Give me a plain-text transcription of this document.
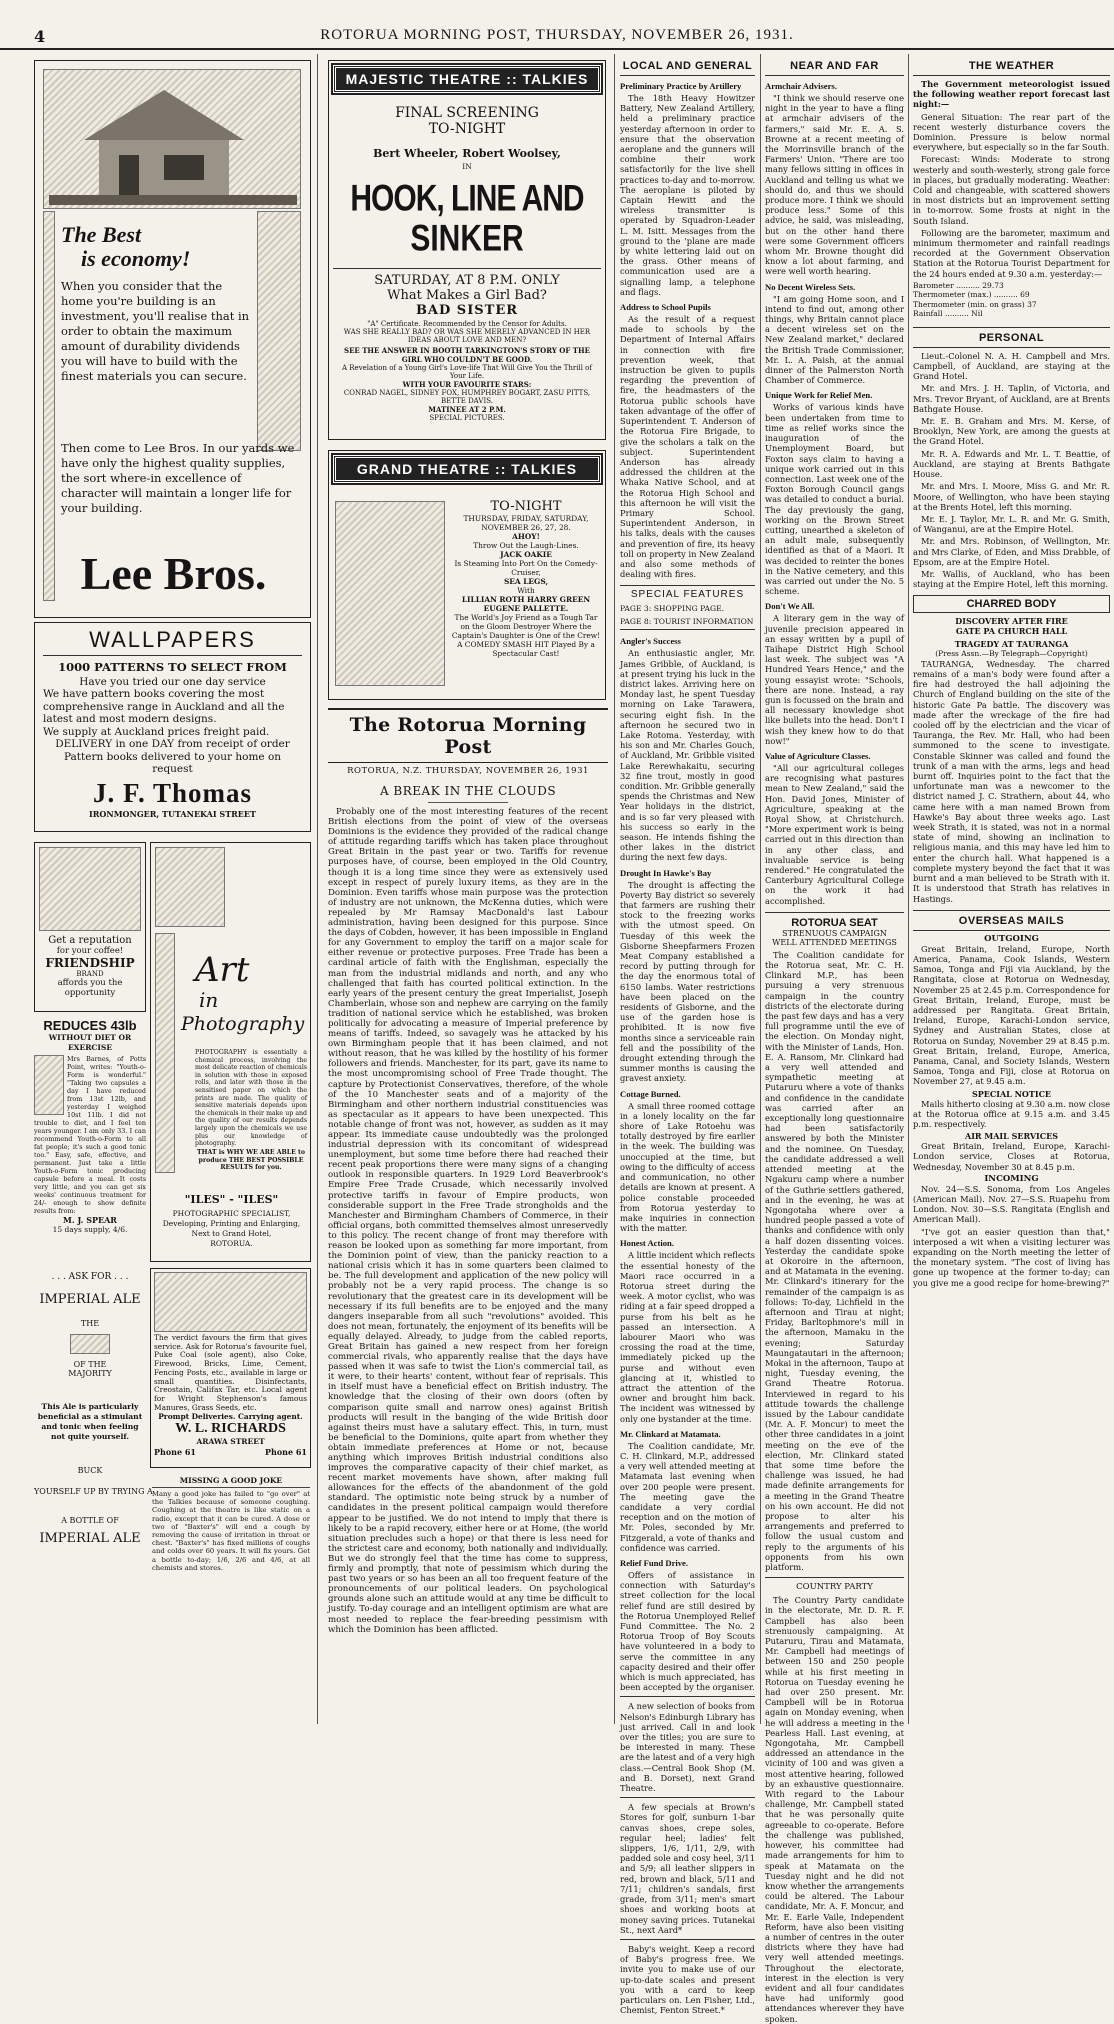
4	ROTORUA MORNING POST, THURSDAY, NOVEMBER 26, 1931.
The Best
is economy!
When you consider that the home you're building is an investment, you'll realise that in order to obtain the maximum amount of durability dividends you will have to build with the finest materials you can secure.
Then come to Lee Bros. In our yards we have only the highest quality supplies, the sort where-in excellence of character will maintain a longer life for your building.
Lee Bros.
WALLPAPERS
1000 PATTERNS TO SELECT FROM
Have you tried our one day service
We have pattern books covering the most comprehensive range in Auckland and all the latest and most modern designs.
We supply at Auckland prices freight paid.
DELIVERY in one DAY from receipt of order
Pattern books delivered to your home on request
J. F. Thomas
IRONMONGER, TUTANEKAI STREET
Get a reputation
for your coffee!
FRIENDSHIP
BRAND
affords you the
opportunity
REDUCES 43lb
WITHOUT DIET OR EXERCISE
Mrs Barnes, of Potts Point, writes: "Youth-o-Form is wonderful." "Taking two capsules a day I have reduced from 13st 12lb, and yesterday I weighed 10st 11lb. I did not trouble to diet, and I feel ten years younger. I am only 33. I can recommend Youth-o-Form to all fat people; it's such a good tonic too." Easy, safe, effective, and permanent. Just take a little Youth-o-Form tonic producing capsule before a meal. It costs very little, and you can get six weeks' continuous treatment for 24/- enough to show definite results from:
M. J. SPEAR
15 days supply, 4/6.
. . . ASK FOR . . .
IMPERIAL ALE
THE
OF THE
MAJORITY
This Ale is particularly beneficial as a stimulant and tonic when feeling not quite yourself.
BUCK
YOURSELF UP BY TRYING A
A BOTTLE OF
IMPERIAL ALE
Art
in
Photography
PHOTOGRAPHY is essentially a chemical process, involving the most delicate reaction of chemicals in solution with those in exposed rolls, and later with those in the sensitised paper on which the prints are made. The quality of sensitive materials depends upon the chemicals in their make up and the quality of our results depends largely upon the chemicals we use plus our knowledge of photography.
THAT is WHY WE ARE ABLE to produce THE BEST POSSIBLE RESULTS for you.
"ILES" - "ILES"
PHOTOGRAPHIC SPECIALIST,
Developing, Printing and Enlarging,
Next to Grand Hotel,
ROTORUA.
The verdict favours the firm that gives service. Ask for Rotorua's favourite fuel, Puke Coal (sole agent), also Coke, Firewood, Bricks, Lime, Cement, Fencing Posts, etc., available in large or small quantities. Disinfectants, Creostain, Califax Tar, etc. Local agent for Wright Stephenson's famous Manures, Grass Seeds, etc.
Prompt Deliveries. Carrying agent.
W. L. RICHARDS
ARAWA STREET
Phone 61	Phone 61
MISSING A GOOD JOKE
Many a good joke has failed to "go over" at the Talkies because of someone coughing. Coughing at the theatre is like static on a radio, except that it can be cured. A dose or two of "Baxter's" will end a cough by removing the cause of irritation in throat or chest. "Baxter's" has fixed millions of coughs and colds over 60 years. It will fix yours. Get a bottle to-day; 1/6, 2/6 and 4/6, at all chemists and stores.
MAJESTIC THEATRE :: TALKIES
FINAL SCREENING
TO-NIGHT
Bert Wheeler, Robert Woolsey,
IN
HOOK, LINE AND
SINKER
SATURDAY, AT 8 P.M. ONLY
What Makes a Girl Bad?
BAD SISTER
"A" Certificate. Recommended by the Censor for Adults.
WAS SHE REALLY BAD? OR WAS SHE MERELY ADVANCED IN HER IDEAS ABOUT LOVE AND MEN?
SEE THE ANSWER IN BOOTH TARKINGTON'S STORY OF THE GIRL WHO COULDN'T BE GOOD.
A Revelation of a Young Girl's Love-life That Will Give You the Thrill of Your Life.
WITH YOUR FAVOURITE STARS:
CONRAD NAGEL, SIDNEY FOX, HUMPHREY BOGART, ZASU PITTS, BETTE DAVIS.
MATINEE AT 2 P.M.
SPECIAL PICTURES.
GRAND THEATRE :: TALKIES
TO-NIGHT
THURSDAY, FRIDAY, SATURDAY, NOVEMBER 26, 27, 28.
AHOY!
Throw Out the Laugh-Lines.
JACK OAKIE
Is Steaming Into Port On the Comedy-Cruiser,
SEA LEGS,
With
LILLIAN ROTH HARRY GREEN EUGENE PALLETTE.
The World's Joy Friend as a Tough Tar on the Gloom Destroyer Where the Captain's Daughter is One of the Crew! A COMEDY SMASH HIT Played By a Spectacular Cast!
The Rotorua Morning Post
ROTORUA, N.Z. THURSDAY, NOVEMBER 26, 1931
A BREAK IN THE CLOUDS

Probably one of the most interesting features of the recent British elections from the point of view of the overseas Dominions is the evidence they provided of the radical change of attitude regarding tariffs which has taken place throughout Great Britain in the past year or two. Tariffs for revenue purposes have, of course, been employed in the Old Country, though it is a long time since they were as extensively used except in respect of purely luxury items, as they are in the Dominion. Even tariffs whose main purpose was the protection of industry are not unknown, the McKenna duties, which were repealed by Mr Ramsay MacDonald's last Labour administration, having been designed for this purpose. Since the days of Cobden, however, it has been impossible in England for any Government to employ the tariff on a major scale for either revenue or protective purposes. Free Trade has been a cardinal article of faith with the Englishman, especially the man from the industrial midlands and north, and any who challenged that faith has courted political extinction. In the early years of the present century the great Imperialist, Joseph Chamberlain, whose son and nephew are carrying on the family tradition of national service which he established, was broken politically for advocating a measure of Imperial preference by means of tariffs. Indeed, so savagely was he attacked by his own Birmingham people that it has been claimed, and not without reason, that he was killed by the hostility of his former followers and friends. Manchester, for its part, gave its name to the most uncompromising school of Free Trade thought. The capture by Protectionist Conservatives, therefore, of the whole of the 10 Manchester seats and of a majority of the Birmingham and other northern industrial constituencies was as spectacular as it appears to have been unexpected. This notable change of front was not, however, as sudden as it may appear. Its immediate cause undoubtedly was the prolonged industrial depression with its concomitant of widespread unemployment, but some time before there had reached their recent peak proportions there were many signs of a changing outlook in responsible quarters. In 1929 Lord Beaverbrook's Empire Free Trade Crusade, which necessarily involved protective tariffs in favour of Empire products, won considerable support in the Free Trade strongholds and the Manchester and Birmingham Chambers of Commerce, in their official organs, both committed themselves almost unreservedly to this policy. The recent change of front may therefore with reason be looked upon as something far more important, from the Dominion point of view, than the panicky reaction to a national crisis which it has in some quarters been claimed to be. The full development and application of the new policy will probably not be a very rapid process. The change is so revolutionary that the greatest care in its development will be necessary if its full benefits are to be enjoyed and the many dangers inseparable from all such "revolutions" avoided. This does not mean, fortunately, the enjoyment of its benefits will be equally delayed. Already, to judge from the cabled reports, Great Britain has gained a new respect from her foreign commercial rivals, who apparently realise that the days have passed when it was safe to twist the Lion's commercial tail, as it were, to their hearts' content, without fear of reprisals. This in itself must have a beneficial effect on British industry. The knowledge that the closing of their own doors (often by comparison quite small and narrow ones) against British products will result in the banging of the wide British door against theirs must have a salutary effect. This, in turn, must be beneficial to the Dominions, quite apart from whether they obtain immediate preferences at Home or not, because anything which improves British industrial conditions also improves the comparative capacity of their chief market, as recent market movements have shown, after making full allowances for the effects of the abandonment of the gold standard. The optimistic note being struck by a number of candidates in the present political campaign would therefore appear to be justified. We do not intend to imply that there is likely to be a rapid recovery, either here or at Home, (the world situation precludes such a hope) or that there is less need for the strictest care and economy, both nationally and individually. But we do strongly feel that the time has come to suppress, firmly and promptly, that note of pessimism which during the past two years or so has been an all too frequent feature of the pronouncements of our political leaders. On psychological grounds alone such an attitude would at any time be difficult to justify. To-day courage and an intelligent optimism are what are most needed to replace the fear-breeding pessimism with which the Dominion has been afflicted.

LOCAL AND GENERAL
Preliminary Practice by Artillery

The 18th Heavy Howitzer Battery, New Zealand Artillery, held a preliminary practice yesterday afternoon in order to ensure that the observation aeroplane and the gunners will combine their work satisfactorily for the live shell practices to-day and to-morrow. The aeroplane is piloted by Captain Hewitt and the wireless transmitter is operated by Squadron-Leader L. M. Isitt. Messages from the ground to the 'plane are made by white lettering laid out on the grass. Other means of communication used are a signalling lamp, a telephone and flags.

Address to School Pupils

As the result of a request made to schools by the Department of Internal Affairs in connection with fire prevention week, that instruction be given to pupils regarding the prevention of fire, the headmasters of the Rotorua public schools have taken advantage of the offer of Superintendent T. Anderson of the Rotorua Fire Brigade, to give the scholars a talk on the subject. Superintendent Anderson has already addressed the children at the Whaka Native School, and at the Rotorua High School and this afternoon he will visit the Primary School. Superintendent Anderson, in his talks, deals with the causes and prevention of fire, its heavy toll on property in New Zealand and also some methods of dealing with fires.

SPECIAL FEATURES
PAGE 3: SHOPPING PAGE.
PAGE 8: TOURIST INFORMATION
Angler's Success

An enthusiastic angler, Mr. James Gribble, of Auckland, is at present trying his luck in the district lakes. Arriving here on Monday last, he spent Tuesday morning on Lake Tarawera, securing eight fish. In the afternoon he secured two in Lake Rotoma. Yesterday, with his son and Mr. Charles Gouch, of Auckland, Mr. Gribble visited Lake Rerewhakaitu, securing 32 fine trout, mostly in good condition. Mr. Gribble generally spends the Christmas and New Year holidays in the district, and is so far very pleased with his success so early in the season. He intends fishing the other lakes in the district during the next few days.

Drought In Hawke's Bay

The drought is affecting the Poverty Bay district so severely that farmers are rushing their stock to the freezing works with the utmost speed. On Tuesday of this week the Gisborne Sheepfarmers Frozen Meat Company established a record by putting through for the day the enormous total of 6150 lambs. Water restrictions have been placed on the residents of Gisborne, and the use of the garden hose is prohibited. It is now five months since a serviceable rain fell and the possibility of the drought extending through the summer months is causing the gravest anxiety.

Cottage Burned.

A small three roomed cottage in a lonely locality on the far shore of Lake Rotoehu was totally destroyed by fire earlier in the week. The building was unoccupied at the time, but owing to the difficulty of access and communication, no other details are known at present. A police constable proceeded from Rotorua yesterday to make inquiries in connection with the matter.

Honest Action.

A little incident which reflects the essential honesty of the Maori race occurred in a Rotorua street during the week. A motor cyclist, who was riding at a fair speed dropped a purse from his belt as he passed an intersection. A labourer Maori who was crossing the road at the time, immediately picked up the purse and without even glancing at it, whistled to attract the attention of the owner and brought him back. The incident was witnessed by only one bystander at the time.

Mr. Clinkard at Matamata.

The Coalition candidate, Mr. C. H. Clinkard, M.P., addressed a very well attended meeting at Matamata last evening when over 200 people were present. The meeting gave the candidate a very cordial reception and on the motion of Mr. Poles, seconded by Mr. Fitzgerald, a vote of thanks and confidence was carried.

Relief Fund Drive.

Offers of assistance in connection with Saturday's street collection for the local relief fund are still desired by the Rotorua Unemployed Relief Fund Committee. The No. 2 Rotorua Troop of Boy Scouts have volunteered in a body to serve the committee in any capacity desired and their offer which is much appreciated, has been accepted by the organiser.

A new selection of books from Nelson's Edinburgh Library has just arrived. Call in and look over the titles; you are sure to be interested in many. These are the latest and of a very high class.—Central Book Shop (M. and B. Dorset), next Grand Theatre.

A few specials at Brown's Stores for golf, sunburn 1-bar canvas shoes, crepe soles, regular heel; ladies' felt slippers, 1/6, 1/11, 2/9, with padded sole and cosy heel, 3/11 and 5/9; all leather slippers in red, brown and black, 5/11 and 7/11; children's sandals, first grade, from 3/11; men's smart shoes and working boots at money saving prices. Tutanekai St., next Aard*

Baby's weight. Keep a record of Baby's progress free. We invite you to make use of our up-to-date scales and present you with a card to keep particulars on. Len Fisher, Ltd., Chemist, Fenton Street.*

NEAR AND FAR
Armchair Advisers.

"I think we should reserve one night in the year to have a fling at armchair advisers of the farmers," said Mr. E. A. S. Browne at a recent meeting of the Morrinsville branch of the Farmers' Union. "There are too many fellows sitting in offices in Auckland and telling us what we should do, and thus we should produce more. I think we should produce less." Some of this advice, he said, was misleading, but on the other hand there were some Government officers whom Mr. Browne thought did know a lot about farming, and were well worth hearing.

No Decent Wireless Sets.

"I am going Home soon, and I intend to find out, among other things, why Britain cannot place a decent wireless set on the New Zealand market," declared the British Trade Commissioner, Mr. L. A. Paish, at the annual dinner of the Palmerston North Chamber of Commerce.

Unique Work for Relief Men.

Works of various kinds have been undertaken from time to time as relief works since the inauguration of the Unemployment Board, but Foxton says claim to having a unique work carried out in this connection. Last week one of the Foxton Borough Council gangs was detailed to conduct a burial. The day previously the gang, working on the Brown Street cutting, unearthed a skeleton of an adult male, subsequently identified as that of a Maori. It was decided to reinter the bones in the Native cemetery, and this was carried out under the No. 5 scheme.

Don't We All.

A literary gem in the way of juvenile precision appeared in an essay written by a pupil of Taihape District High School last week. The subject was "A Hundred Years Hence," and the young essayist wrote: "Schools, there are none. Instead, a ray gun is focussed on the brain and all necessary knowledge shot like bullets into the head. Don't I wish they knew how to do that now!"

Value of Agriculture Classes.

"All our agricultural colleges are recognising what pastures mean to New Zealand," said the Hon. David Jones, Minister of Agriculture, speaking at the Royal Show, at Christchurch. "More experiment work is being carried out in this direction than in any other class, and invaluable service is being rendered." He congratulated the Canterbury Agricultural College on the work it had accomplished.

ROTORUA SEAT
STRENUOUS CAMPAIGN
WELL ATTENDED MEETINGS

The Coalition candidate for the Rotorua seat, Mr. C. H. Clinkard M.P., has been pursuing a very strenuous campaign in the country districts of the electorate during the past few days and has a very full programme until the eve of the election. On Monday night, with the Minister of Lands, Hon. E. A. Ransom, Mr. Clinkard had a very well attended and sympathetic meeting at Putaruru where a vote of thanks and confidence in the candidate was carried after an exceptionally long questionnaire had been satisfactorily answered by both the Minister and the nominee. On Tuesday, the candidate addressed a well attended meeting at the Ngakuru camp where a number of the Guthrie settlers gathered, and in the evening, he was at Ngongotaha where over a hundred people passed a vote of thanks and confidence with only a half dozen dissenting voices. Yesterday the candidate spoke at Okoroire in the afternoon, and at Matamata in the evening. Mr. Clinkard's itinerary for the remainder of the campaign is as follows: To-day, Lichfield in the afternoon and Tirau at night; Friday, Barltophmore's mill in the afternoon, Mamaku in the evening; Saturday Maungatautari in the afternoon; Mokai in the afternoon, Taupo at night, Tuesday evening, the Grand Theatre Rotorua. Interviewed in regard to his attitude towards the challenge issued by the Labour candidate (Mr. A. F. Moncur) to meet the other three candidates in a joint meeting on the eve of the election, Mr. Clinkard stated that some time before the challenge was issued, he had made definite arrangements for a meeting in the Grand Theatre on his own account. He did not propose to alter his arrangements and preferred to follow the usual custom and reply to the arguments of his opponents from his own platform.

COUNTRY PARTY

The Country Party candidate in the electorate, Mr. D. R. F. Campbell has also been strenuously campaigning. At Putaruru, Tirau and Matamata, Mr. Campbell had meetings of between 150 and 250 people while at his first meeting in Rotorua on Tuesday evening he had over 250 present. Mr. Campbell will be in Rotorua again on Monday evening, when he will address a meeting in the Pearless Hall. Last evening, at Ngongotaha, Mr. Campbell addressed an attendance in the vicinity of 100 and was given a most attentive hearing, followed by an exhaustive questionnaire. With regard to the Labour challenge, Mr. Campbell stated that he was personally quite agreeable to co-operate. Before the challenge was published, however, his committee had made arrangements for him to speak at Matamata on the Tuesday night and he did not know whether the arrangements could be altered. The Labour candidate, Mr. A. F. Moncur, and Mr. E. Earle Vaile, Independent Reform, have also been visiting a number of centres in the outer districts where they have had very well attended meetings. Throughout the electorate, interest in the election is very evident and all four candidates have had uniformly good attendances wherever they have spoken.

THE WEATHER

The Government meteorologist issued the following weather report forecast last night:—

General Situation: The rear part of the recent westerly disturbance covers the Dominion. Pressure is below normal everywhere, but especially so in the far South.

Forecast: Winds: Moderate to strong westerly and south-westerly, strong gale force in places, but gradually moderating. Weather: Cold and changeable, with scattered showers in most districts but an improvement setting in to-morrow. Some frosts at night in the South Island.

Following are the barometer, maximum and minimum thermometer and rainfall readings recorded at the Government Observation Station at the Rotorua Tourist Department for the 24 hours ended at 9.30 a.m. yesterday:—

Barometer .......... 29.73
Thermometer (max.) .......... 69
Thermometer (min. on grass) 37
Rainfall .......... Nil
PERSONAL

Lieut.-Colonel N. A. H. Campbell and Mrs. Campbell, of Auckland, are staying at the Grand Hotel.

Mr. and Mrs. J. H. Taplin, of Victoria, and Mrs. Trevor Bryant, of Auckland, are at Brents Bathgate House.

Mr. E. B. Graham and Mrs. M. Kerse, of Brooklyn, New York, are among the guests at the Grand Hotel.

Mr. R. A. Edwards and Mr. L. T. Beattie, of Auckland, are staying at Brents Bathgate House.

Mr. and Mrs. I. Moore, Miss G. and Mr. R. Moore, of Wellington, who have been staying at the Brents Hotel, left this morning.

Mr. E. J. Taylor, Mr. L. R. and Mr. G. Smith, of Wanganui, are at the Empire Hotel.

Mr. and Mrs. Robinson, of Wellington, Mr. and Mrs Clarke, of Eden, and Miss Drabble, of Epsom, are at the Empire Hotel.

Mr. Wallis, of Auckland, who has been staying at the Empire Hotel, left this morning.

CHARRED BODY
DISCOVERY AFTER FIRE
GATE PA CHURCH HALL
TRAGEDY AT TAURANGA
(Press Assn.—By Telegraph—Copyright)

TAURANGA, Wednesday. The charred remains of a man's body were found after a fire had destroyed the hall adjoining the Church of England building on the site of the historic Gate Pa battle. The discovery was made after the wreckage of the fire had cooled off by the electrician and the vicar of Tauranga, the Rev. Mr. Hall, who had been summoned to the scene to investigate. Constable Skinner was called and found the trunk of a man with the arms, legs and head burnt off. Inquiries point to the fact that the unfortunate man was a newcomer to the district named J. C. Strathern, about 44, who came here with a man named Brown from Hawke's Bay about three weeks ago. Last week Strath, it is stated, was not in a normal state of mind, showing an inclination to religious mania, and this may have led him to enter the church hall. What happened is a complete mystery beyond the fact that it was burnt and a man believed to be Strath with it. It is understood that Strath has relatives in Hastings.

OVERSEAS MAILS
OUTGOING

Great Britain, Ireland, Europe, North America, Panama, Cook Islands, Western Samoa, Tonga and Fiji via Auckland, by the Rangitata, close at Rotorua on Wednesday, November 25 at 2.45 p.m. Correspondence for Great Britain, Ireland, Europe, must be addressed per Rangitata. Great Britain, Ireland, Europe, Karachi-London service, Sydney and Australian States, close at Rotorua on Sunday, November 29 at 8.45 p.m. Great Britain, Ireland, Europe, America, Panama, Canal, and Society Islands, Western Samoa, Tonga and Fiji, close at Rotorua on November 27, at 9.45 a.m.

SPECIAL NOTICE

Mails hitherto closing at 9.30 a.m. now close at the Rotorua office at 9.15 a.m. and 3.45 p.m. respectively.

AIR MAIL SERVICES

Great Britain, Ireland, Europe, Karachi-London service, Closes at Rotorua, Wednesday, November 30 at 8.45 p.m.

INCOMING

Nov. 24—S.S. Sonoma, from Los Angeles (American Mail). Nov. 27—S.S. Ruapehu from London. Nov. 30—S.S. Rangitata (English and American Mail).

"I've got an easier question than that," interposed a wit when a visiting lecturer was expanding on the North meeting the letter of the monetary system. "The cost of living has gone up twopence at the former to-day; can you give me a good recipe for home-brewing?"
